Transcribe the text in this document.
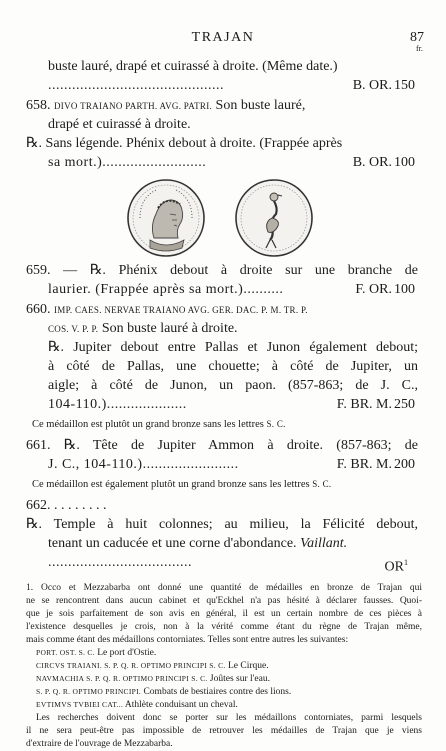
TRAJAN	87
fr.
buste lauré, drapé et cuirassé à droite. (Même date.)
............................................	B. OR. 150
658. DIVO TRAIANO PARTH. AVG. PATRI. Son buste lauré,
drapé et cuirassé à droite.
℞. Sans légende. Phénix debout à droite. (Frappée après
sa mort.)..........................	B. OR. 100
659. — ℞. Phénix debout à droite sur une branche de
laurier. (Frappée après sa mort.)..........	F. OR. 100
660. IMP. CAES. NERVAE TRAIANO AVG. GER. DAC. P. M. TR. P.
COS. V. P. P. Son buste lauré à droite.
℞. Jupiter debout entre Pallas et Junon également debout;
à côté de Pallas, une chouette; à côté de Jupiter, un
aigle; à côté de Junon, un paon. (857-863; de J. C.,
104-110.)....................	F. BR. M. 250
Ce médaillon est plutôt un grand bronze sans les lettres S. C.
661. ℞. Tête de Jupiter Ammon à droite. (857-863; de
J. C., 104-110.)........................	F. BR. M. 200
Ce médaillon est également plutôt un grand bronze sans les lettres S. C.
662. . . . . . . . .
℞. Temple à huit colonnes; au milieu, la Félicité debout,
tenant un caducée et une corne d'abondance. Vaillant.
....................................	$OR^1$
1. Occo et Mezzabarba ont donné une quantité de médailles en bronze de Trajan qui
ne se rencontrent dans aucun cabinet et qu'Eckhel n'a pas hésité à déclarer fausses. Quoi-
que je sois parfaitement de son avis en général, il est un certain nombre de ces pièces à
l'existence desquelles je crois, non à la vérité comme étant du règne de Trajan même,
mais comme étant des médaillons contorniates. Telles sont entre autres les suivantes:
PORT. OST. S. C. Le port d'Ostie.
CIRCVS TRAIANI. S. P. Q. R. OPTIMO PRINCIPI S. C. Le Cirque.
NAVMACHIA S. P. Q. R. OPTIMO PRINCIPI S. C. Joûtes sur l'eau.
S. P. Q. R. OPTIMO PRINCIPI. Combats de bestiaires contre des lions.
EVTIMVS TVBIEI CAT... Athlète conduisant un cheval.
Les recherches doivent donc se porter sur les médaillons contorniates, parmi lesquels
il ne sera peut-être pas impossible de retrouver les médailles de Trajan que je viens
d'extraire de l'ouvrage de Mezzabarba.
